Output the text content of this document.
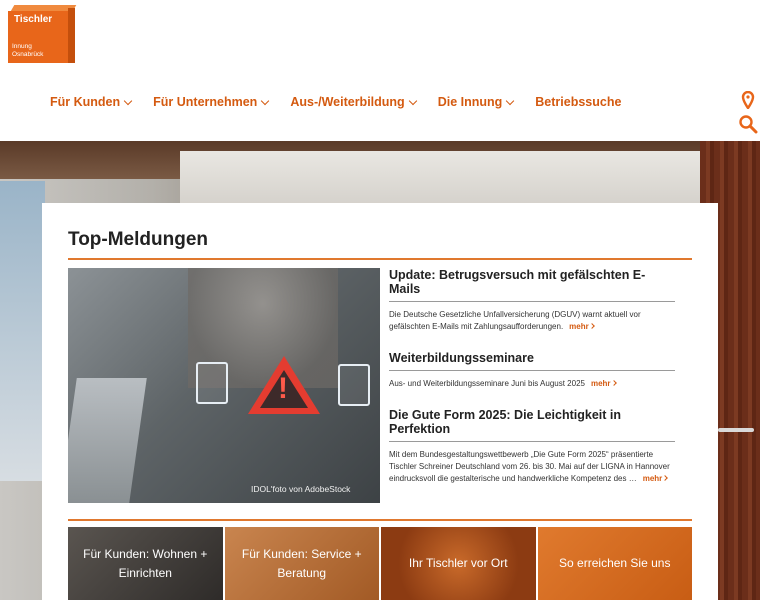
Tischler
Innung
Osnabrück
Für Kunden	Für Unternehmen	Aus-/Weiterbildung	Die Innung	Betriebssuche
Top-Meldungen
!
IDOL'foto von AdobeStock
Update: Betrugsversuch mit gefälschten E-Mails
Die Deutsche Gesetzliche Unfallversicherung (DGUV) warnt aktuell vor gefälschten E-Mails mit Zahlungsaufforderungen. mehr
Weiterbildungsseminare
Aus- und Weiterbildungsseminare Juni bis August 2025 mehr
Die Gute Form 2025: Die Leichtigkeit in Perfektion
Mit dem Bundesgestaltungswettbewerb „Die Gute Form 2025“ präsentierte Tischler Schreiner Deutschland vom 26. bis 30. Mai auf der LIGNA in Hannover eindrucksvoll die gestalterische und handwerkliche Kompetenz des … mehr
Für Kunden: Wohnen + Einrichten
Für Kunden: Service + Beratung
Ihr Tischler vor Ort	So erreichen Sie uns
